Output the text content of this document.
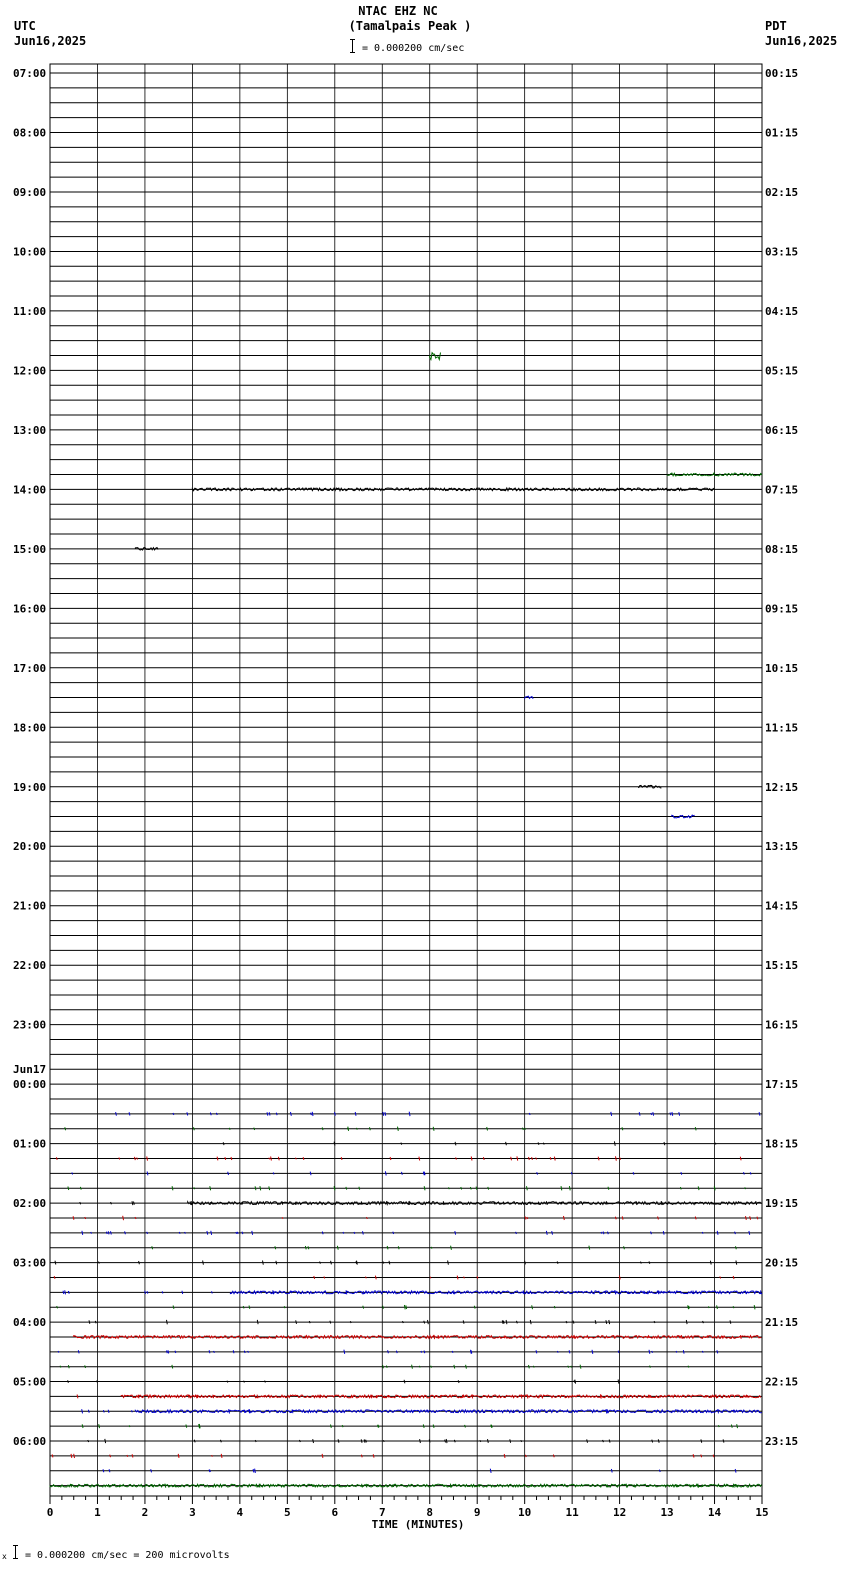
NTAC EHZ NC
(Tamalpais Peak )
= 0.000200 cm/sec
UTC
Jun16,2025
PDT
Jun16,2025
07:00
08:00
09:00
10:00
11:00
12:00
13:00
14:00
15:00
16:00
17:00
18:00
19:00
20:00
21:00
22:00
23:00
00:00
Jun17
01:00
02:00
03:00
04:00
05:00
06:00
00:15
01:15
02:15
03:15
04:15
05:15
06:15
07:15
08:15
09:15
10:15
11:15
12:15
13:15
14:15
15:15
16:15
17:15
18:15
19:15
20:15
21:15
22:15
23:15
0	1	2	3	4	5	6	7	8	9	10	11	12	13	14	15
TIME (MINUTES)
x = 0.000200 cm/sec = 200 microvolts
